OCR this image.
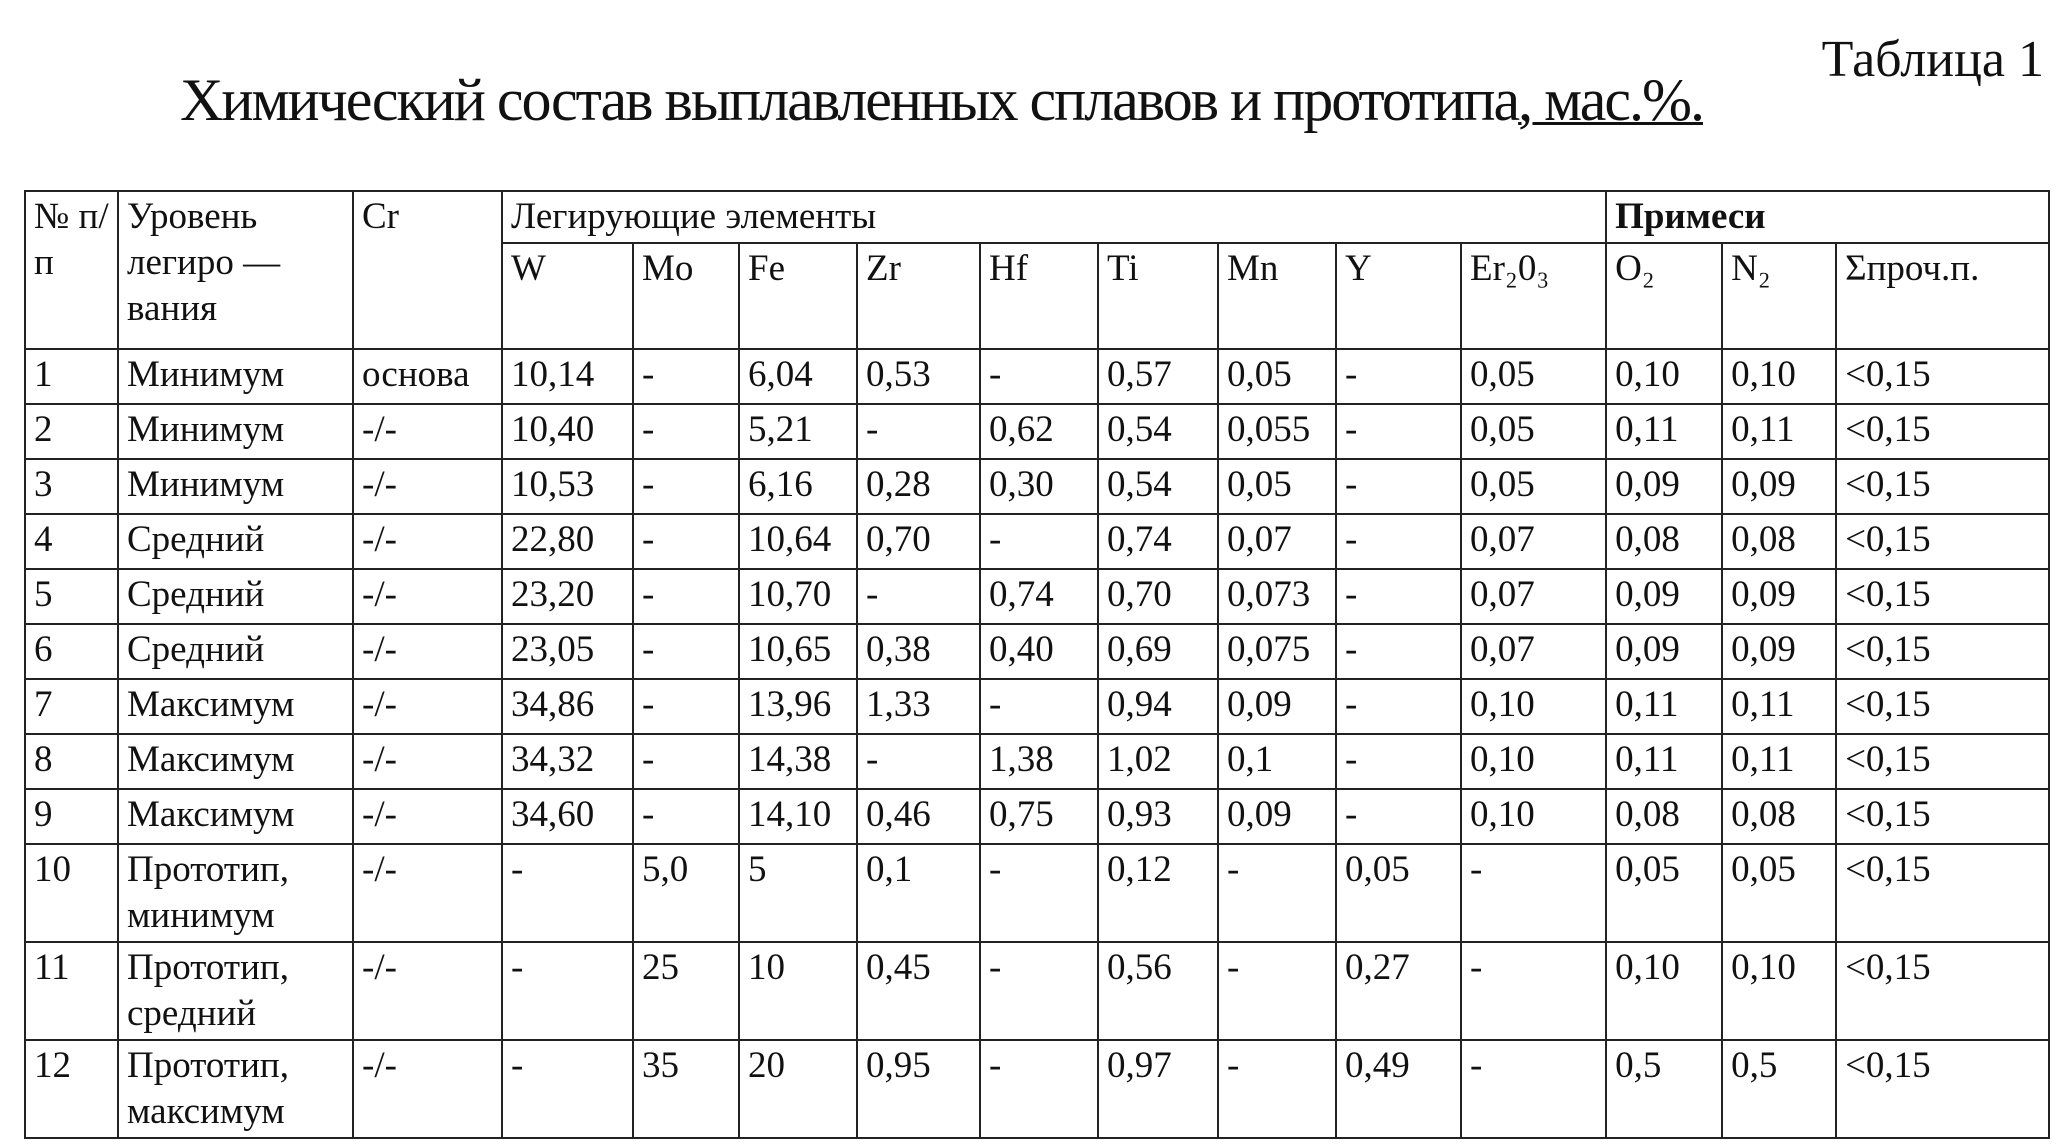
Таблица 1
Химический состав выплавленных сплавов и прототипа, мас.%.
№ п/ п	Уровень легиро — вания	Cr	Легирующие элементы									Примеси		
			W	Mo	Fe	Zr	Hf	Ti	Mn	Y	Er₂0₃	O₂	N₂	Σпроч.п.
1	Минимум	основа	10,14	-	6,04	0,53	-	0,57	0,05	-	0,05	0,10	0,10	<0,15
2	Минимум	-/-	10,40	-	5,21	-	0,62	0,54	0,055	-	0,05	0,11	0,11	<0,15
3	Минимум	-/-	10,53	-	6,16	0,28	0,30	0,54	0,05	-	0,05	0,09	0,09	<0,15
4	Средний	-/-	22,80	-	10,64	0,70	-	0,74	0,07	-	0,07	0,08	0,08	<0,15
5	Средний	-/-	23,20	-	10,70	-	0,74	0,70	0,073	-	0,07	0,09	0,09	<0,15
6	Средний	-/-	23,05	-	10,65	0,38	0,40	0,69	0,075	-	0,07	0,09	0,09	<0,15
7	Максимум	-/-	34,86	-	13,96	1,33	-	0,94	0,09	-	0,10	0,11	0,11	<0,15
8	Максимум	-/-	34,32	-	14,38	-	1,38	1,02	0,1	-	0,10	0,11	0,11	<0,15
9	Максимум	-/-	34,60	-	14,10	0,46	0,75	0,93	0,09	-	0,10	0,08	0,08	<0,15
10	Прототип, минимум	-/-	-	5,0	5	0,1	-	0,12	-	0,05	-	0,05	0,05	<0,15
11	Прототип, средний	-/-	-	25	10	0,45	-	0,56	-	0,27	-	0,10	0,10	<0,15
12	Прототип, максимум	-/-	-	35	20	0,95	-	0,97	-	0,49	-	0,5	0,5	<0,15
